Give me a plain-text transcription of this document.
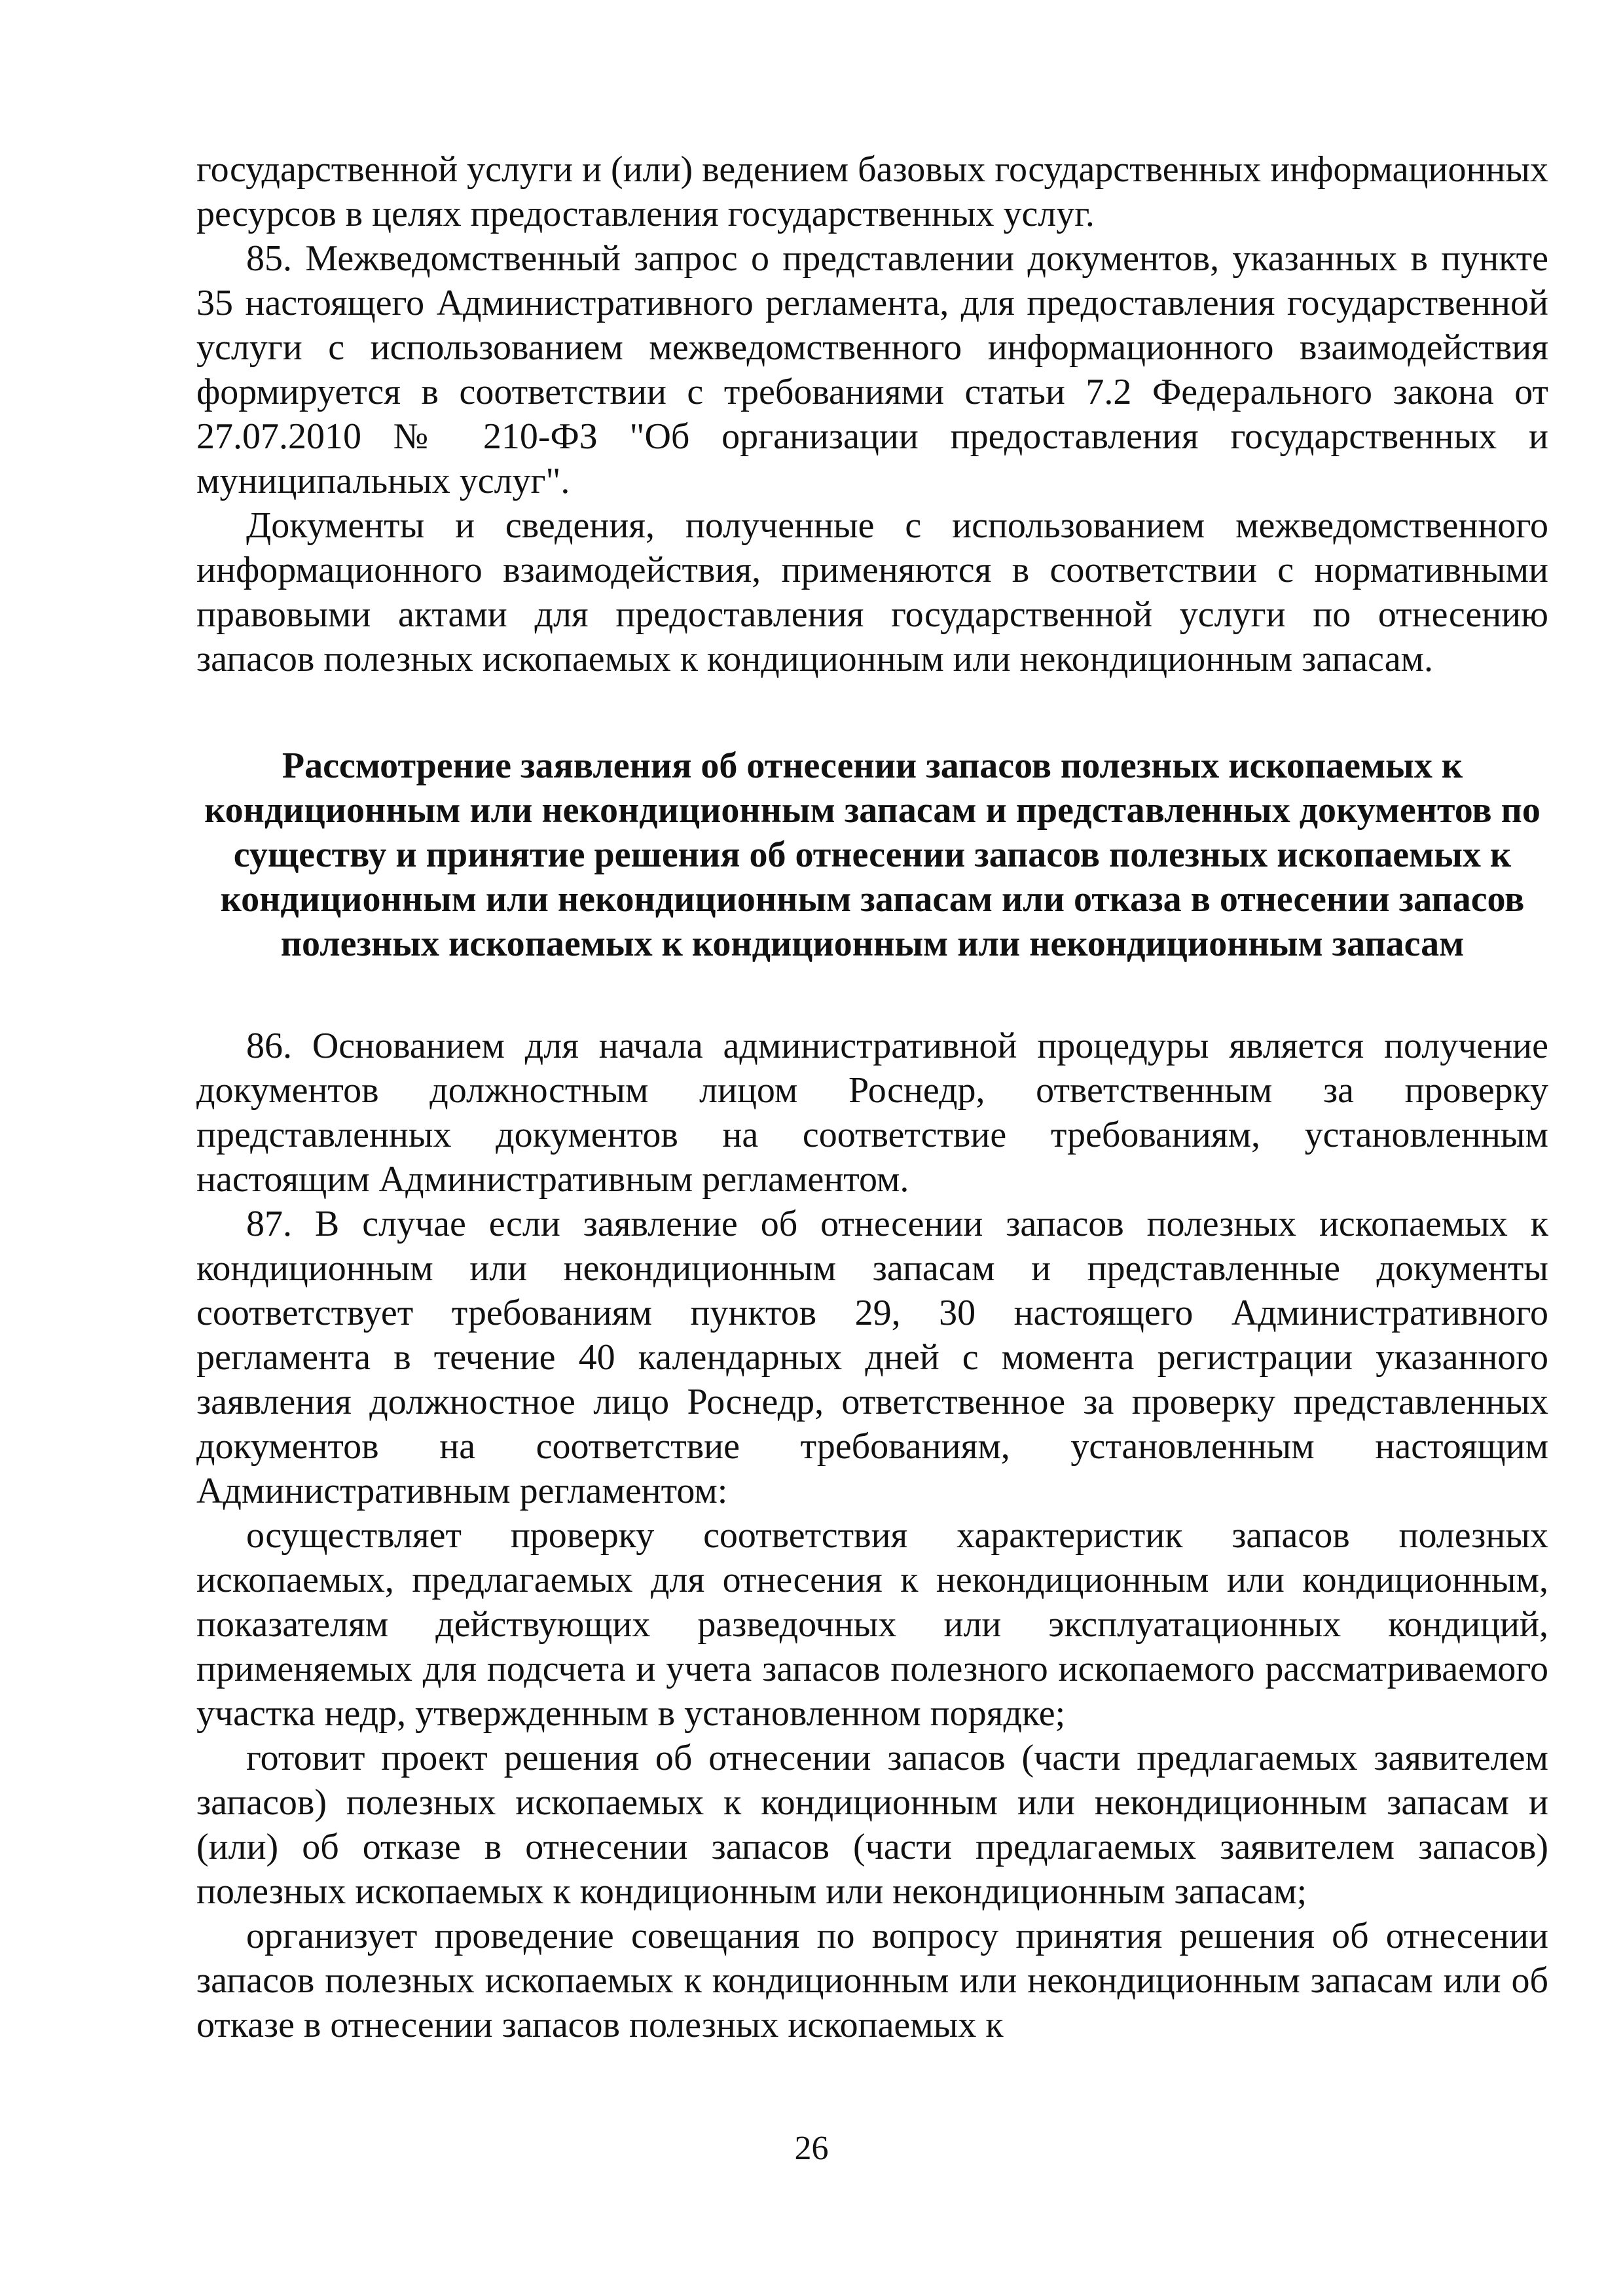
государственной услуги и (или) ведением базовых государственных информационных ресурсов в целях предоставления государственных услуг.

85. Межведомственный запрос о представлении документов, указанных в пункте 35 настоящего Административного регламента, для предоставления государственной услуги с использованием межведомственного информационного взаимодействия формируется в соответствии с требованиями статьи 7.2 Федерального закона от 27.07.2010 № 210-ФЗ "Об организации предоставления государственных и муниципальных услуг".

Документы и сведения, полученные с использованием межведомственного информационного взаимодействия, применяются в соответствии с нормативными правовыми актами для предоставления государственной услуги по отнесению запасов полезных ископаемых к кондиционным или некондиционным запасам.

Рассмотрение заявления об отнесении запасов полезных ископаемых к кондиционным или некондиционным запасам и представленных документов по существу и принятие решения об отнесении запасов полезных ископаемых к кондиционным или некондиционным запасам или отказа в отнесении запасов полезных ископаемых к кондиционным или некондиционным запасам

86. Основанием для начала административной процедуры является получение документов должностным лицом Роснедр, ответственным за проверку представленных документов на соответствие требованиям, установленным настоящим Административным регламентом.

87. В случае если заявление об отнесении запасов полезных ископаемых к кондиционным или некондиционным запасам и представленные документы соответствует требованиям пунктов 29, 30 настоящего Административного регламента в течение 40 календарных дней с момента регистрации указанного заявления должностное лицо Роснедр, ответственное за проверку представленных документов на соответствие требованиям, установленным настоящим Административным регламентом:

осуществляет проверку соответствия характеристик запасов полезных ископаемых, предлагаемых для отнесения к некондиционным или кондиционным, показателям действующих разведочных или эксплуатационных кондиций, применяемых для подсчета и учета запасов полезного ископаемого рассматриваемого участка недр, утвержденным в установленном порядке;

готовит проект решения об отнесении запасов (части предлагаемых заявителем запасов) полезных ископаемых к кондиционным или некондиционным запасам и (или) об отказе в отнесении запасов (части предлагаемых заявителем запасов) полезных ископаемых к кондиционным или некондиционным запасам;

организует проведение совещания по вопросу принятия решения об отнесении запасов полезных ископаемых к кондиционным или некондиционным запасам или об отказе в отнесении запасов полезных ископаемых к

26
